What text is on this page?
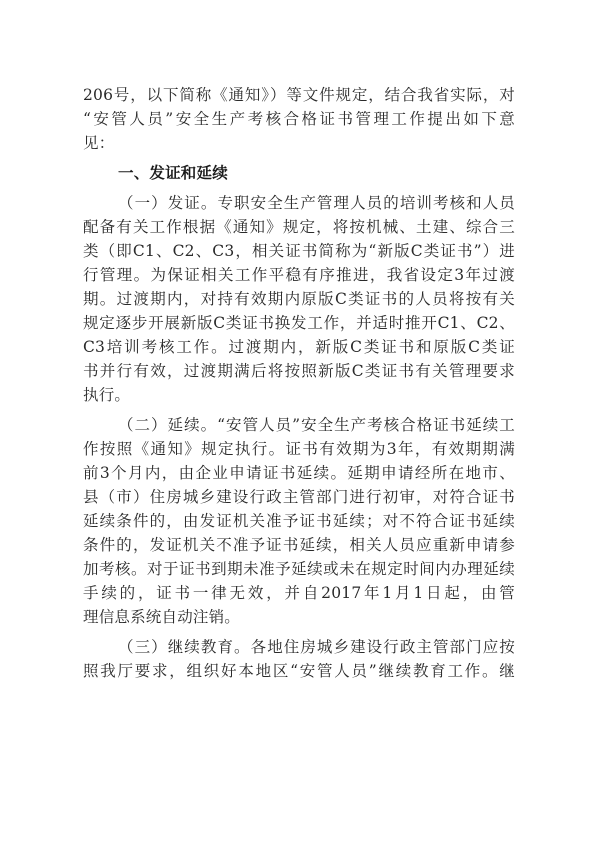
206号，以下简称《通知》）等文件规定，结合我省实际，对
“安管人员”安全生产考核合格证书管理工作提出如下意
见：
一、发证和延续
（一）发证。专职安全生产管理人员的培训考核和人员
配备有关工作根据《通知》规定，将按机械、土建、综合三
类（即C1、C2、C3，相关证书简称为“新版C类证书”）进
行管理。为保证相关工作平稳有序推进，我省设定3年过渡
期。过渡期内，对持有效期内原版C类证书的人员将按有关
规定逐步开展新版C类证书换发工作，并适时推开C1、C2、
C3培训考核工作。过渡期内，新版C类证书和原版C类证
书并行有效，过渡期满后将按照新版C类证书有关管理要求
执行。
（二）延续。“安管人员”安全生产考核合格证书延续工
作按照《通知》规定执行。证书有效期为3年，有效期期满
前3个月内，由企业申请证书延续。延期申请经所在地市、
县（市）住房城乡建设行政主管部门进行初审，对符合证书
延续条件的，由发证机关准予证书延续；对不符合证书延续
条件的，发证机关不准予证书延续，相关人员应重新申请参
加考核。对于证书到期未准予延续或未在规定时间内办理延续
手续的，证书一律无效，并自2017年1月1日起，由管
理信息系统自动注销。
（三）继续教育。各地住房城乡建设行政主管部门应按
照我厅要求，组织好本地区“安管人员”继续教育工作。继
